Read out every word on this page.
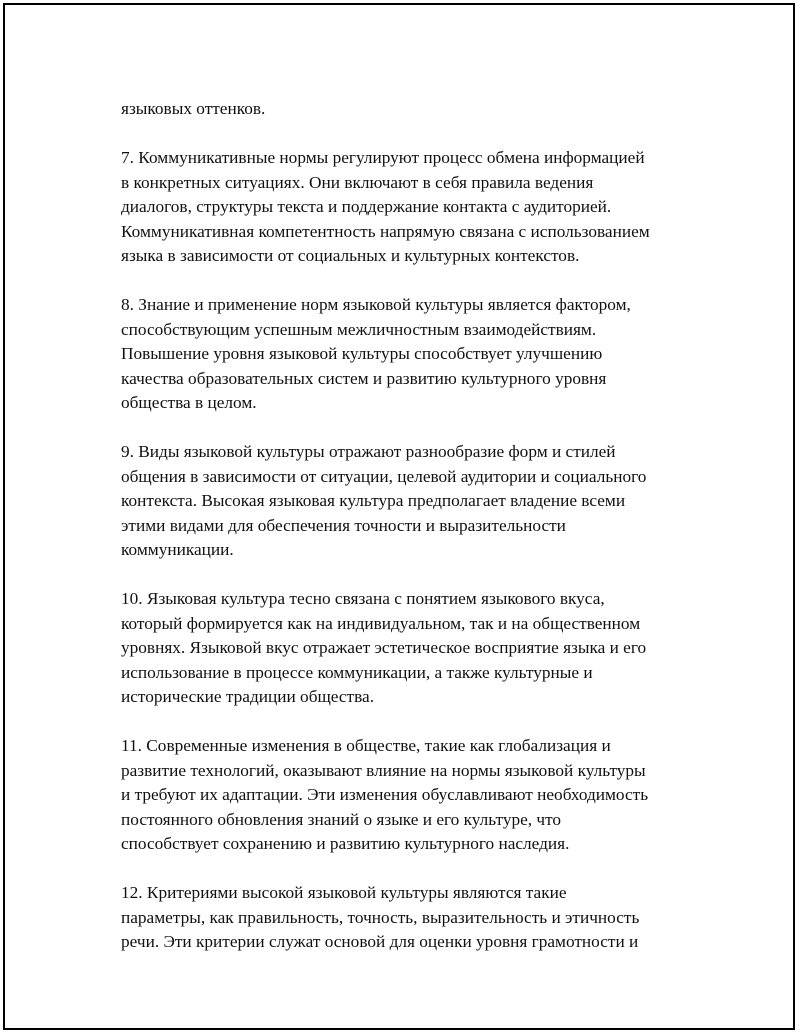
языковых оттенков.

7. Коммуникативные нормы регулируют процесс обмена информацией
в конкретных ситуациях. Они включают в себя правила ведения
диалогов, структуры текста и поддержание контакта с аудиторией.
Коммуникативная компетентность напрямую связана с использованием
языка в зависимости от социальных и культурных контекстов.

8. Знание и применение норм языковой культуры является фактором,
способствующим успешным межличностным взаимодействиям.
Повышение уровня языковой культуры способствует улучшению
качества образовательных систем и развитию культурного уровня
общества в целом.

9. Виды языковой культуры отражают разнообразие форм и стилей
общения в зависимости от ситуации, целевой аудитории и социального
контекста. Высокая языковая культура предполагает владение всеми
этими видами для обеспечения точности и выразительности
коммуникации.

10. Языковая культура тесно связана с понятием языкового вкуса,
который формируется как на индивидуальном, так и на общественном
уровнях. Языковой вкус отражает эстетическое восприятие языка и его
использование в процессе коммуникации, а также культурные и
исторические традиции общества.

11. Современные изменения в обществе, такие как глобализация и
развитие технологий, оказывают влияние на нормы языковой культуры
и требуют их адаптации. Эти изменения обуславливают необходимость
постоянного обновления знаний о языке и его культуре, что
способствует сохранению и развитию культурного наследия.

12. Критериями высокой языковой культуры являются такие
параметры, как правильность, точность, выразительность и этичность
речи. Эти критерии служат основой для оценки уровня грамотности и
